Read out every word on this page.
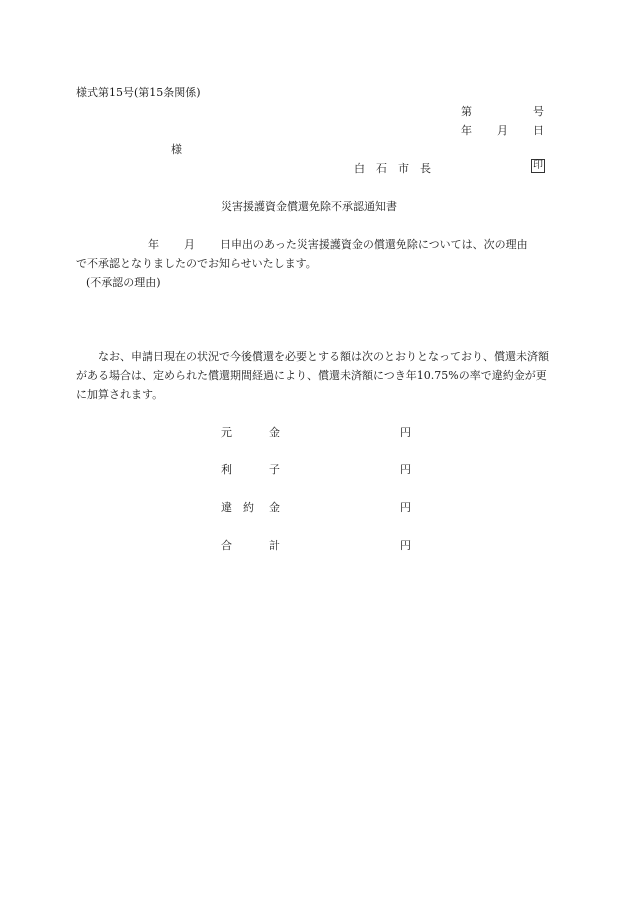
様式第15号(第15条関係)
第	号
年 月 日
様
白　石　市　長	印
災害援護資金償還免除不承認通知書
年 月 日申出のあった災害援護資金の償還免除については、次の理由
で不承認となりましたのでお知らせいたします。
(不承認の理由)
なお、申請日現在の状況で今後償還を必要とする額は次のとおりとなっており、償還未済額がある場合は、定められた償還期間経過により、償還未済額につき年10.75%の率で違約金が更に加算されます。
元	金	円
利	子	円
違　約 金	円
合	計	円
